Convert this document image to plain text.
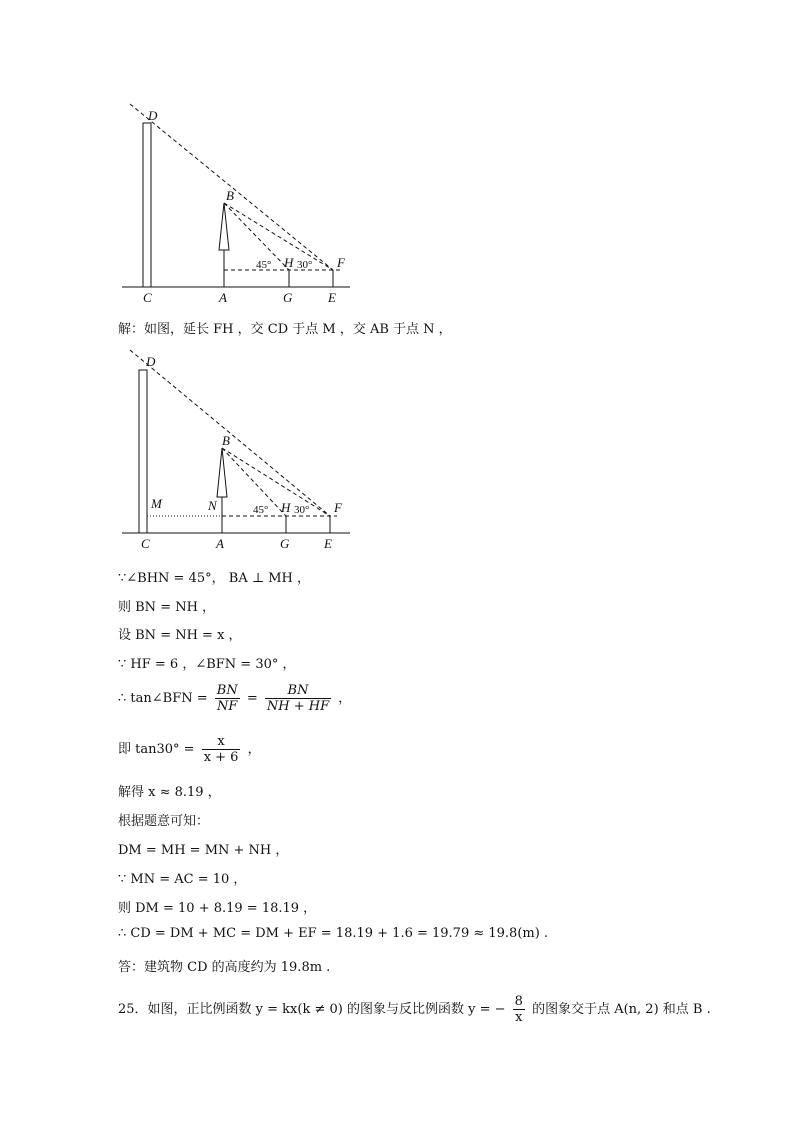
D
B
C	A	G	E
H	F
45° 30°
解：如图，延长 FH ，交 CD 于点 M ，交 AB 于点 N ，
D
B
C	A	G	E
H	F
M	N	45° 30°
∵∠BHN = 45°， BA ⊥ MH ，
则 BN = NH ，
设 BN = NH = x ，
∵ HF = 6 ，∠BFN = 30° ，
∴ tan∠BFN = $\frac{BN}{NF} = \frac{BN}{NH + HF}$ ，
即 $\tan 30^\circ = \frac{x}{x + 6}$ ，
解得 x ≈ 8.19 ，
根据题意可知：
DM = MH = MN + NH ，
∵ MN = AC = 10 ，
则 DM = 10 + 8.19 = 18.19 ，
∴ CD = DM + MC = DM + EF = 18.19 + 1.6 = 19.79 ≈ 19.8(m) .
答：建筑物 CD 的高度约为 19.8m .
25．如图，正比例函数 y = kx(k ≠ 0) 的图象与反比例函数 y = − $\frac{8}{x}$ 的图象交于点 A(n, 2) 和点 B .
